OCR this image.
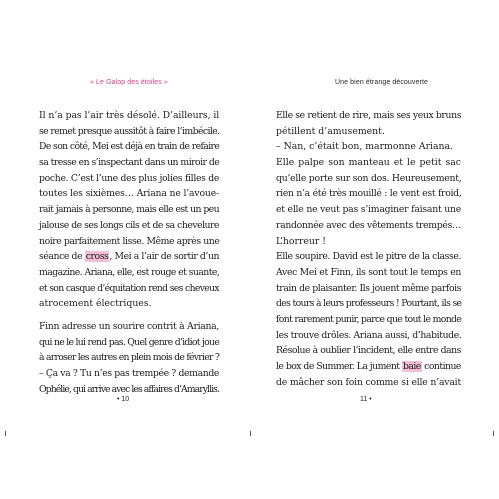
« Le Galop des étoiles »
Il n’a pas l’air très désolé. D’ailleurs, il
se remet presque aussitôt à faire l’imbécile.
De son côté, Mei est déjà en train de refaire
sa tresse en s’inspectant dans un miroir de
poche. C’est l’une des plus jolies filles de
toutes les sixièmes… Ariana ne l’avoue-
rait jamais à personne, mais elle est un peu
jalouse de ses longs cils et de sa chevelure
noire parfaitement lisse. Même après une
séance de cross, Mei a l’air de sortir d’un
magazine. Ariana, elle, est rouge et suante,
et son casque d’équitation rend ses cheveux
atrocement électriques.
Finn adresse un sourire contrit à Ariana,
qui ne le lui rend pas. Quel genre d’idiot joue
à arroser les autres en plein mois de février ?
– Ça va ? Tu n’es pas trempée ? demande
Ophélie, qui arrive avec les affaires d’Amaryllis.
• 10
Une bien étrange découverte
Elle se retient de rire, mais ses yeux bruns
pétillent d’amusement.
– Nan, c’était bon, marmonne Ariana.
Elle palpe son manteau et le petit sac
qu’elle porte sur son dos. Heureusement,
rien n’a été très mouillé : le vent est froid,
et elle ne veut pas s’imaginer faisant une
randonnée avec des vêtements trempés…
L’horreur !
Elle soupire. David est le pitre de la classe.
Avec Mei et Finn, ils sont tout le temps en
train de plaisanter. Ils jouent même parfois
des tours à leurs professeurs ! Pourtant, ils se
font rarement punir, parce que tout le monde
les trouve drôles. Ariana aussi, d’habitude.
Résolue à oublier l’incident, elle entre dans
le box de Summer. La jument baie continue
de mâcher son foin comme si elle n’avait
11 •
